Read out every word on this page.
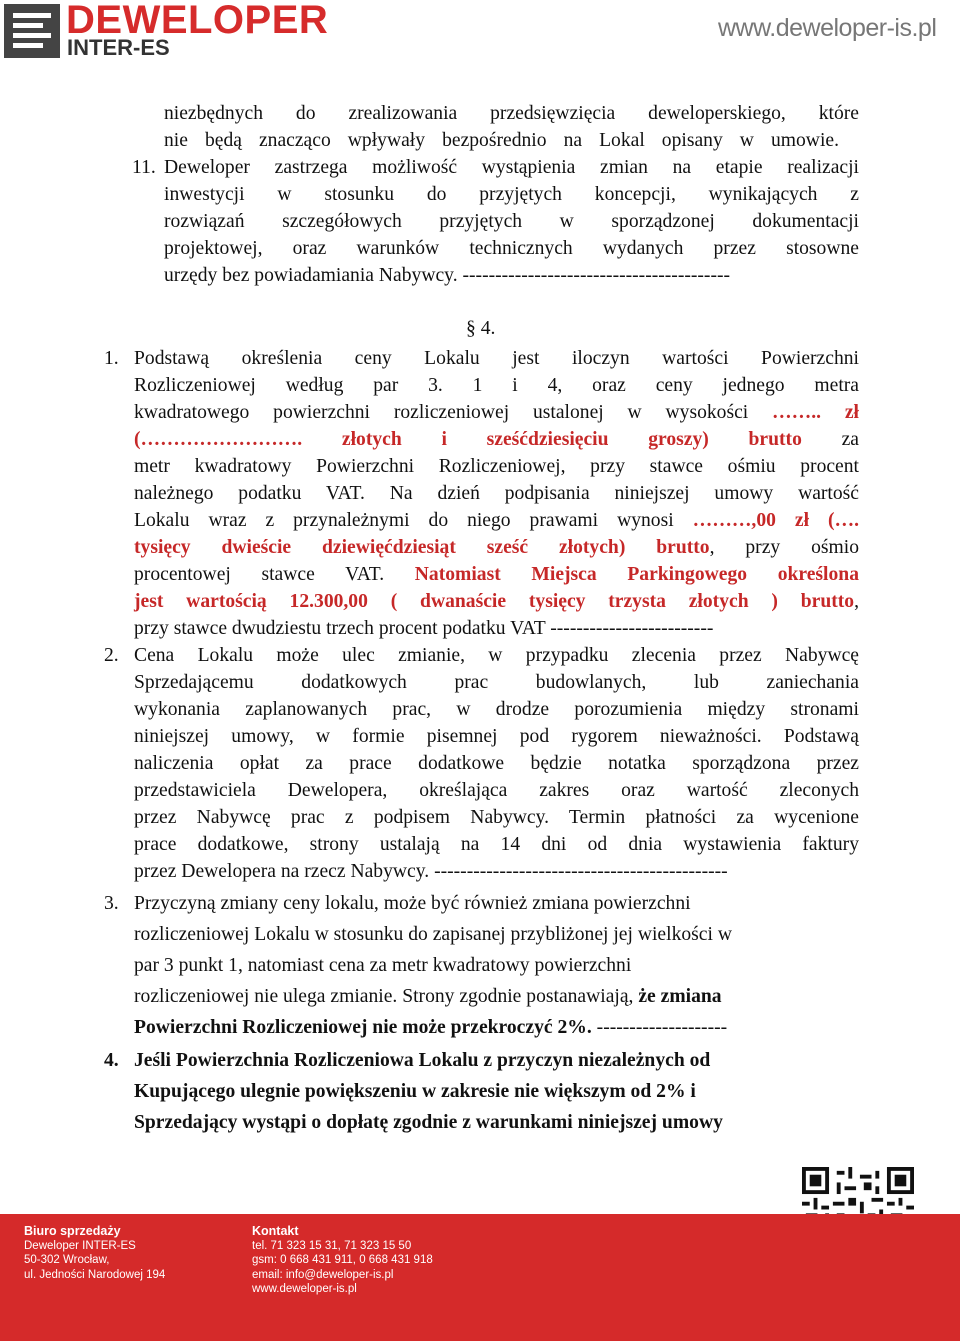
DEWELOPER
INTER-ES
www.deweloper-is.pl
niezbędnych do zrealizowania przedsięwzięcia deweloperskiego, które
nie będą znacząco wpływały bezpośrednio na Lokal opisany w umowie.
11. Deweloper zastrzega możliwość wystąpienia zmian na etapie realizacji
inwestycji w stosunku do przyjętych koncepcji, wynikających z
rozwiązań szczegółowych przyjętych w sporządzonej dokumentacji
projektowej, oraz warunków technicznych wydanych przez stosowne
urzędy bez powiadamiania Nabywcy. -----------------------------------------
§ 4.
1. Podstawą określenia ceny Lokalu jest iloczyn wartości Powierzchni
Rozliczeniowej według par 3. 1 i 4, oraz ceny jednego metra
kwadratowego powierzchni rozliczeniowej ustalonej w wysokości …….. zł
(……………………. złotych i sześćdziesięciu groszy) brutto za
metr kwadratowy Powierzchni Rozliczeniowej, przy stawce ośmiu procent
należnego podatku VAT. Na dzień podpisania niniejszej umowy wartość
Lokalu wraz z przynależnymi do niego prawami wynosi ………,00 zł (….
tysięcy dwieście dziewięćdziesiąt sześć złotych) brutto, przy ośmio
procentowej stawce VAT. Natomiast Miejsca Parkingowego określona
jest wartością 12.300,00 ( dwanaście tysięcy trzysta złotych ) brutto,
przy stawce dwudziestu trzech procent podatku VAT -------------------------
2. Cena Lokalu może ulec zmianie, w przypadku zlecenia przez Nabywcę
Sprzedającemu dodatkowych prac budowlanych, lub zaniechania
wykonania zaplanowanych prac, w drodze porozumienia między stronami
niniejszej umowy, w formie pisemnej pod rygorem nieważności. Podstawą
naliczenia opłat za prace dodatkowe będzie notatka sporządzona przez
przedstawiciela Dewelopera, określająca zakres oraz wartość zleconych
przez Nabywcę prac z podpisem Nabywcy. Termin płatności za wycenione
prace dodatkowe, strony ustalają na 14 dni od dnia wystawienia faktury
przez Dewelopera na rzecz Nabywcy. ---------------------------------------------
3. Przyczyną zmiany ceny lokalu, może być również zmiana powierzchni
rozliczeniowej Lokalu w stosunku do zapisanej przybliżonej jej wielkości w
par 3 punkt 1, natomiast cena za metr kwadratowy powierzchni
rozliczeniowej nie ulega zmianie. Strony zgodnie postanawiają, że zmiana
Powierzchni Rozliczeniowej nie może przekroczyć 2%. --------------------
4. Jeśli Powierzchnia Rozliczeniowa Lokalu z przyczyn niezależnych od
Kupującego ulegnie powiększeniu w zakresie nie większym od 2% i
Sprzedający wystąpi o dopłatę zgodnie z warunkami niniejszej umowy
Biuro sprzedaży
Deweloper INTER-ES
50-302 Wrocław,
ul. Jedności Narodowej 194
Kontakt
tel. 71 323 15 31, 71 323 15 50
gsm: 0 668 431 911, 0 668 431 918
email: info@deweloper-is.pl
www.deweloper-is.pl
